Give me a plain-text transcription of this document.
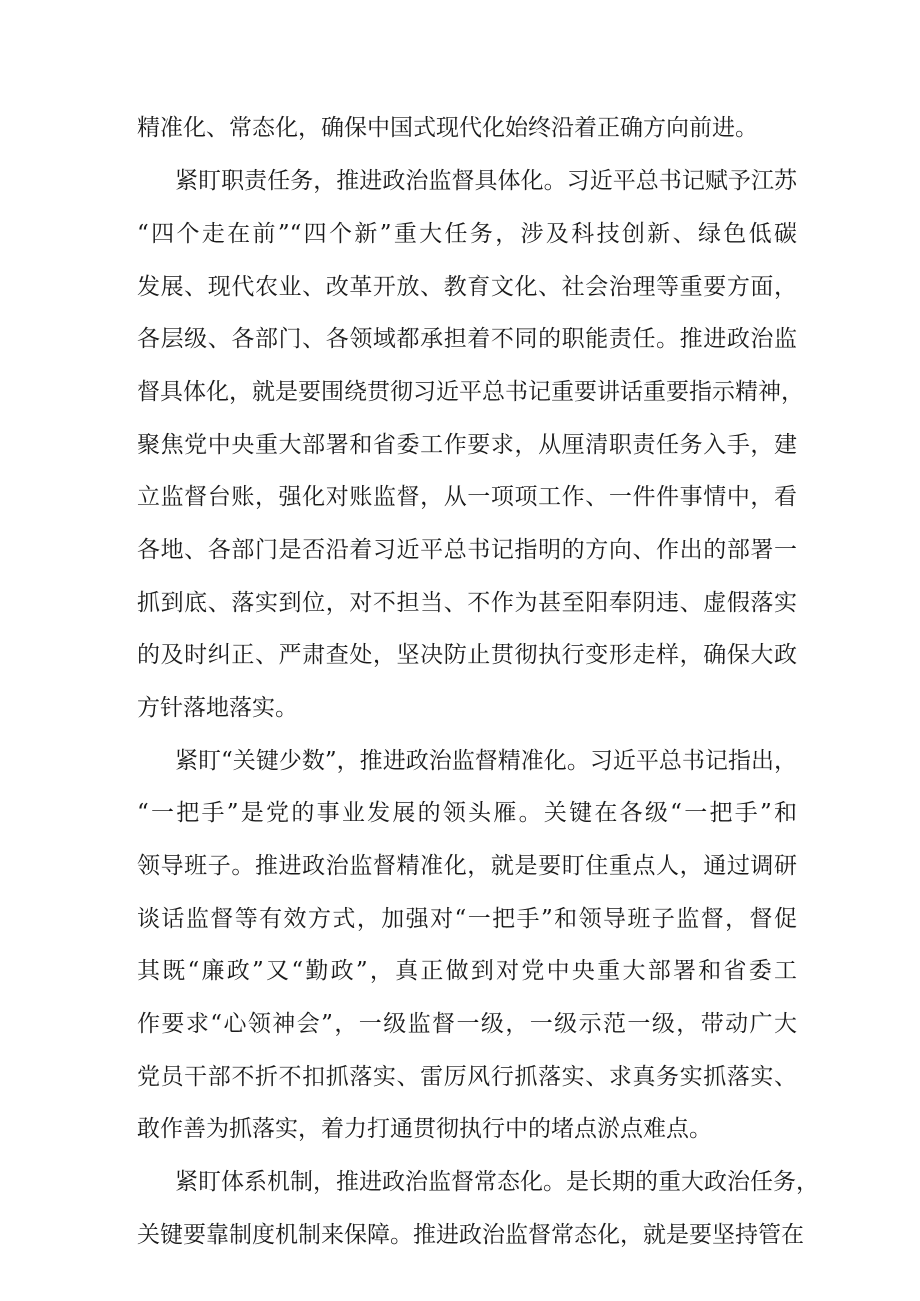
精准化、常态化，确保中国式现代化始终沿着正确方向前进。
紧盯职责任务，推进政治监督具体化。习近平总书记赋予江苏
“四个走在前”“四个新”重大任务，涉及科技创新、绿色低碳
发展、现代农业、改革开放、教育文化、社会治理等重要方面，
各层级、各部门、各领域都承担着不同的职能责任。推进政治监
督具体化，就是要围绕贯彻习近平总书记重要讲话重要指示精神，
聚焦党中央重大部署和省委工作要求，从厘清职责任务入手，建
立监督台账，强化对账监督，从一项项工作、一件件事情中，看
各地、各部门是否沿着习近平总书记指明的方向、作出的部署一
抓到底、落实到位，对不担当、不作为甚至阳奉阴违、虚假落实
的及时纠正、严肃查处，坚决防止贯彻执行变形走样，确保大政
方针落地落实。
紧盯“关键少数”，推进政治监督精准化。习近平总书记指出，
“一把手”是党的事业发展的领头雁。关键在各级“一把手”和
领导班子。推进政治监督精准化，就是要盯住重点人，通过调研
谈话监督等有效方式，加强对“一把手”和领导班子监督，督促
其既“廉政”又“勤政”，真正做到对党中央重大部署和省委工
作要求“心领神会”，一级监督一级，一级示范一级，带动广大
党员干部不折不扣抓落实、雷厉风行抓落实、求真务实抓落实、
敢作善为抓落实，着力打通贯彻执行中的堵点淤点难点。
紧盯体系机制，推进政治监督常态化。是长期的重大政治任务，
关键要靠制度机制来保障。推进政治监督常态化，就是要坚持管在
